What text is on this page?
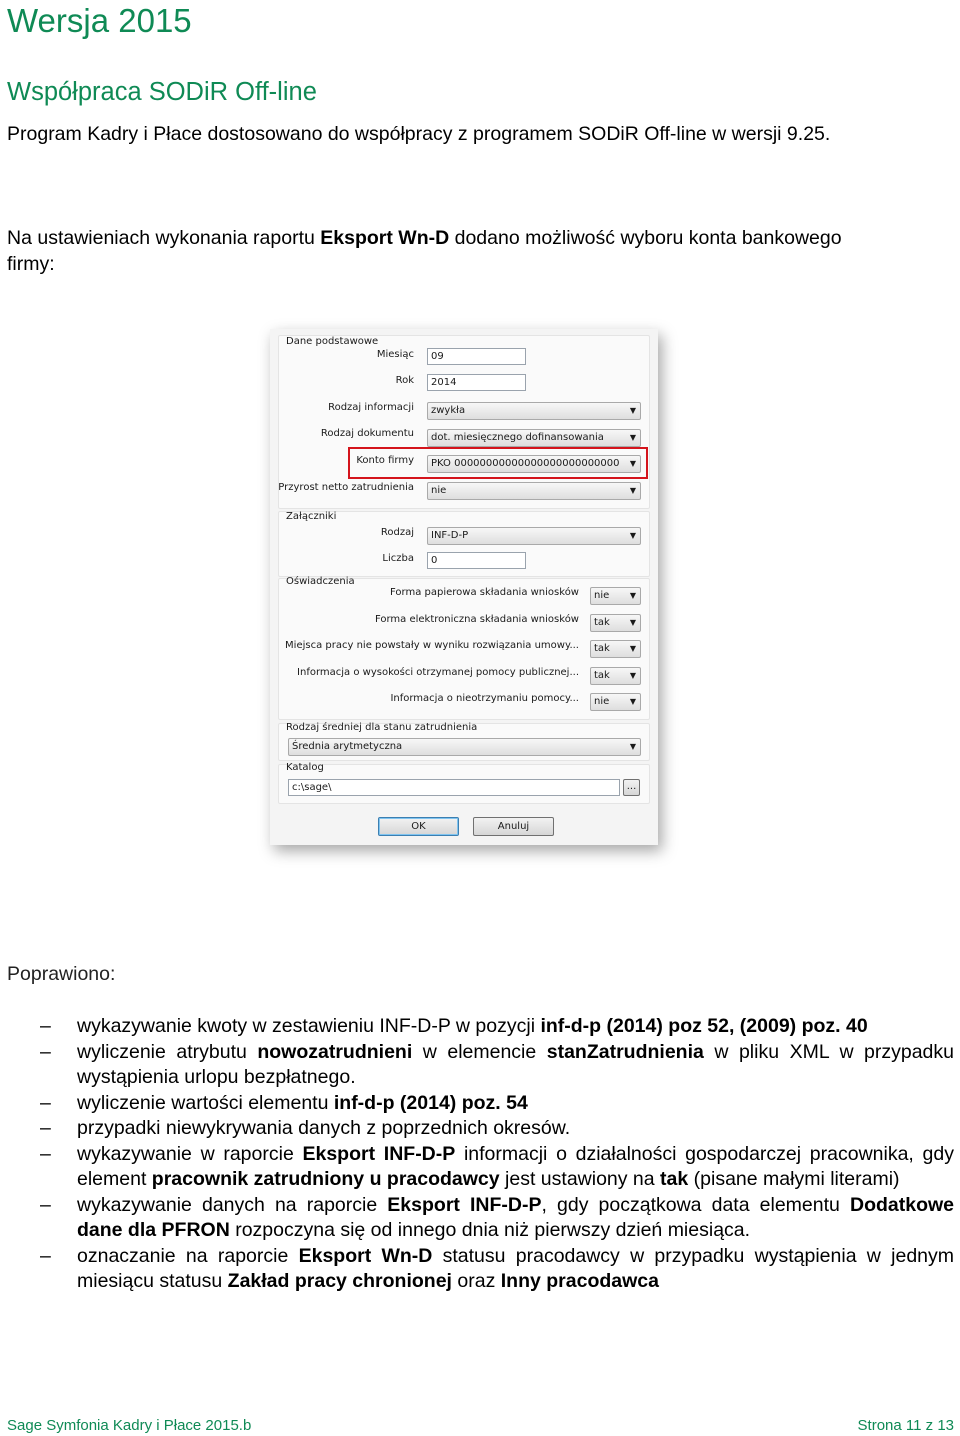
Wersja 2015
Współpraca SODiR Off-line
Program Kadry i Płace dostosowano do współpracy z programem SODiR Off-line w wersji 9.25.
Na ustawieniach wykonania raportu Eksport Wn-D dodano możliwość wyboru konta bankowego
firmy:
Dane podstawowe
Miesiąc	09
Rok	2014
Rodzaj informacji	zwykła	▼
Rodzaj dokumentu	dot. miesięcznego dofinansowania	▼
Konto firmy	PKO 00000000000000000000000000 ▼
Przyrost netto zatrudnienia	nie	▼
Załączniki
Rodzaj	INF-D-P	▼
Liczba	0
Oświadczenia
Rodzaj średniej dla stanu zatrudnienia
Średnia arytmetyczna	▼
Katalog
c:\sage\	...
OK	Anuluj
Forma papierowa składania wniosków	nie	▼
Forma elektroniczna składania wniosków	tak	▼
Miejsca pracy nie powstały w wyniku rozwiązania umowy...	tak	▼
Informacja o wysokości otrzymanej pomocy publicznej...	tak	▼
Informacja o nieotrzymaniu pomocy...	nie	▼
Poprawiono:
– wykazywanie kwoty w zestawieniu INF-D-P w pozycji inf-d-p (2014) poz 52, (2009) poz. 40
– wyliczenie atrybutu nowozatrudnieni w elemencie stanZatrudnienia w pliku XML w przypadku wystąpienia urlopu bezpłatnego.
– wyliczenie wartości elementu inf-d-p (2014) poz. 54
– przypadki niewykrywania danych z poprzednich okresów.
– wykazywanie w raporcie Eksport INF-D-P informacji o działalności gospodarczej pracownika, gdy element pracownik zatrudniony u pracodawcy jest ustawiony na tak (pisane małymi literami)
– wykazywanie danych na raporcie Eksport INF-D-P, gdy początkowa data elementu Dodatkowe dane dla PFRON rozpoczyna się od innego dnia niż pierwszy dzień miesiąca.
– oznaczanie na raporcie Eksport Wn-D statusu pracodawcy w przypadku wystąpienia w jednym miesiącu statusu Zakład pracy chronionej oraz Inny pracodawca
Sage Symfonia Kadry i Płace 2015.b	Strona 11 z 13
